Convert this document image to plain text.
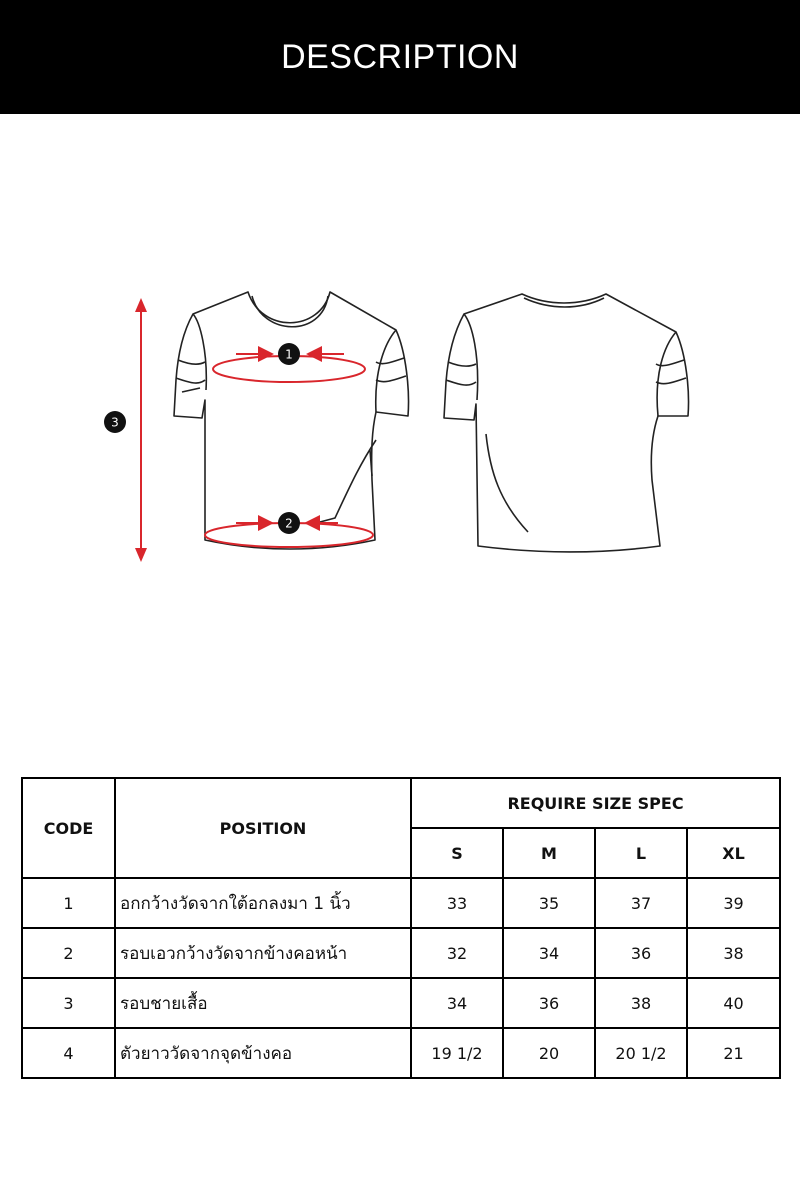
DESCRIPTION
1
2
3
CODE	POSITION	REQUIRE SIZE SPEC			
		S	M	L	XL
1	อกกว้างวัดจากใต้อกลงมา 1 นิ้ว	33	35	37	39
2	รอบเอวกว้างวัดจากข้างคอหน้า	32	34	36	38
3	รอบชายเสื้อ	34	36	38	40
4	ตัวยาววัดจากจุดข้างคอ	19 1/2	20	20 1/2	21
